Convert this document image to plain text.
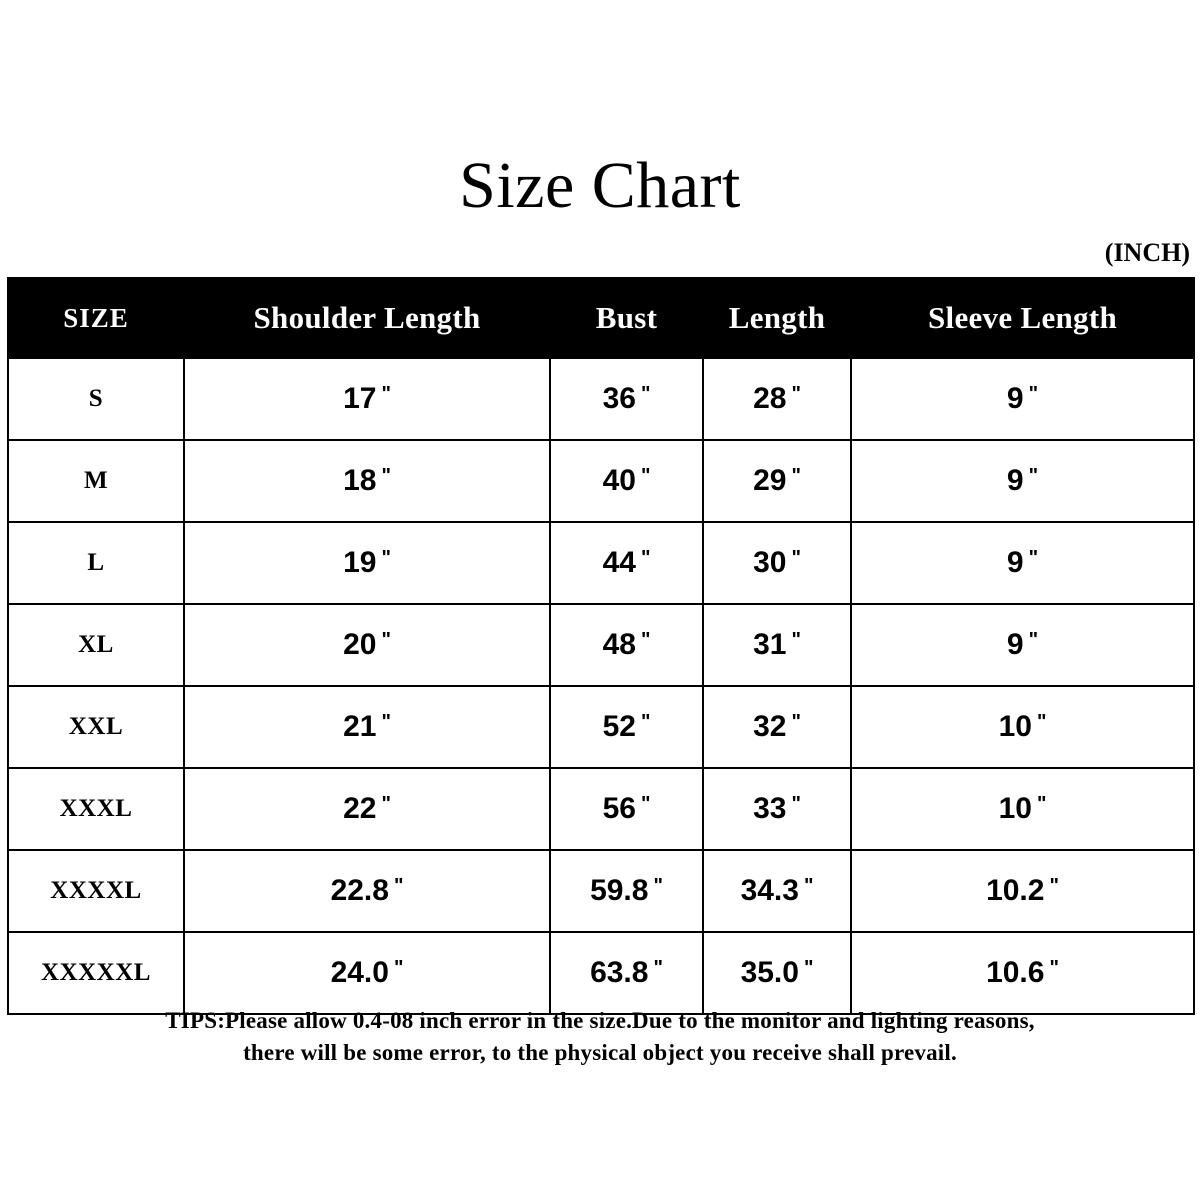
Size Chart
(INCH)
SIZE	Shoulder Length	Bust	Length	Sleeve Length
S	17 "	36 "	28 "	9 "
M	18 "	40 "	29 "	9 "
L	19 "	44 "	30 "	9 "
XL	20 "	48 "	31 "	9 "
XXL	21 "	52 "	32 "	10 "
XXXL	22 "	56 "	33 "	10 "
XXXXL	22.8 "	59.8 "	34.3 "	10.2 "
XXXXXL	24.0 "	63.8 "	35.0 "	10.6 "
TIPS:Please allow 0.4-08 inch error in the size.Due to the monitor and lighting reasons,
there will be some error, to the physical object you receive shall prevail.
